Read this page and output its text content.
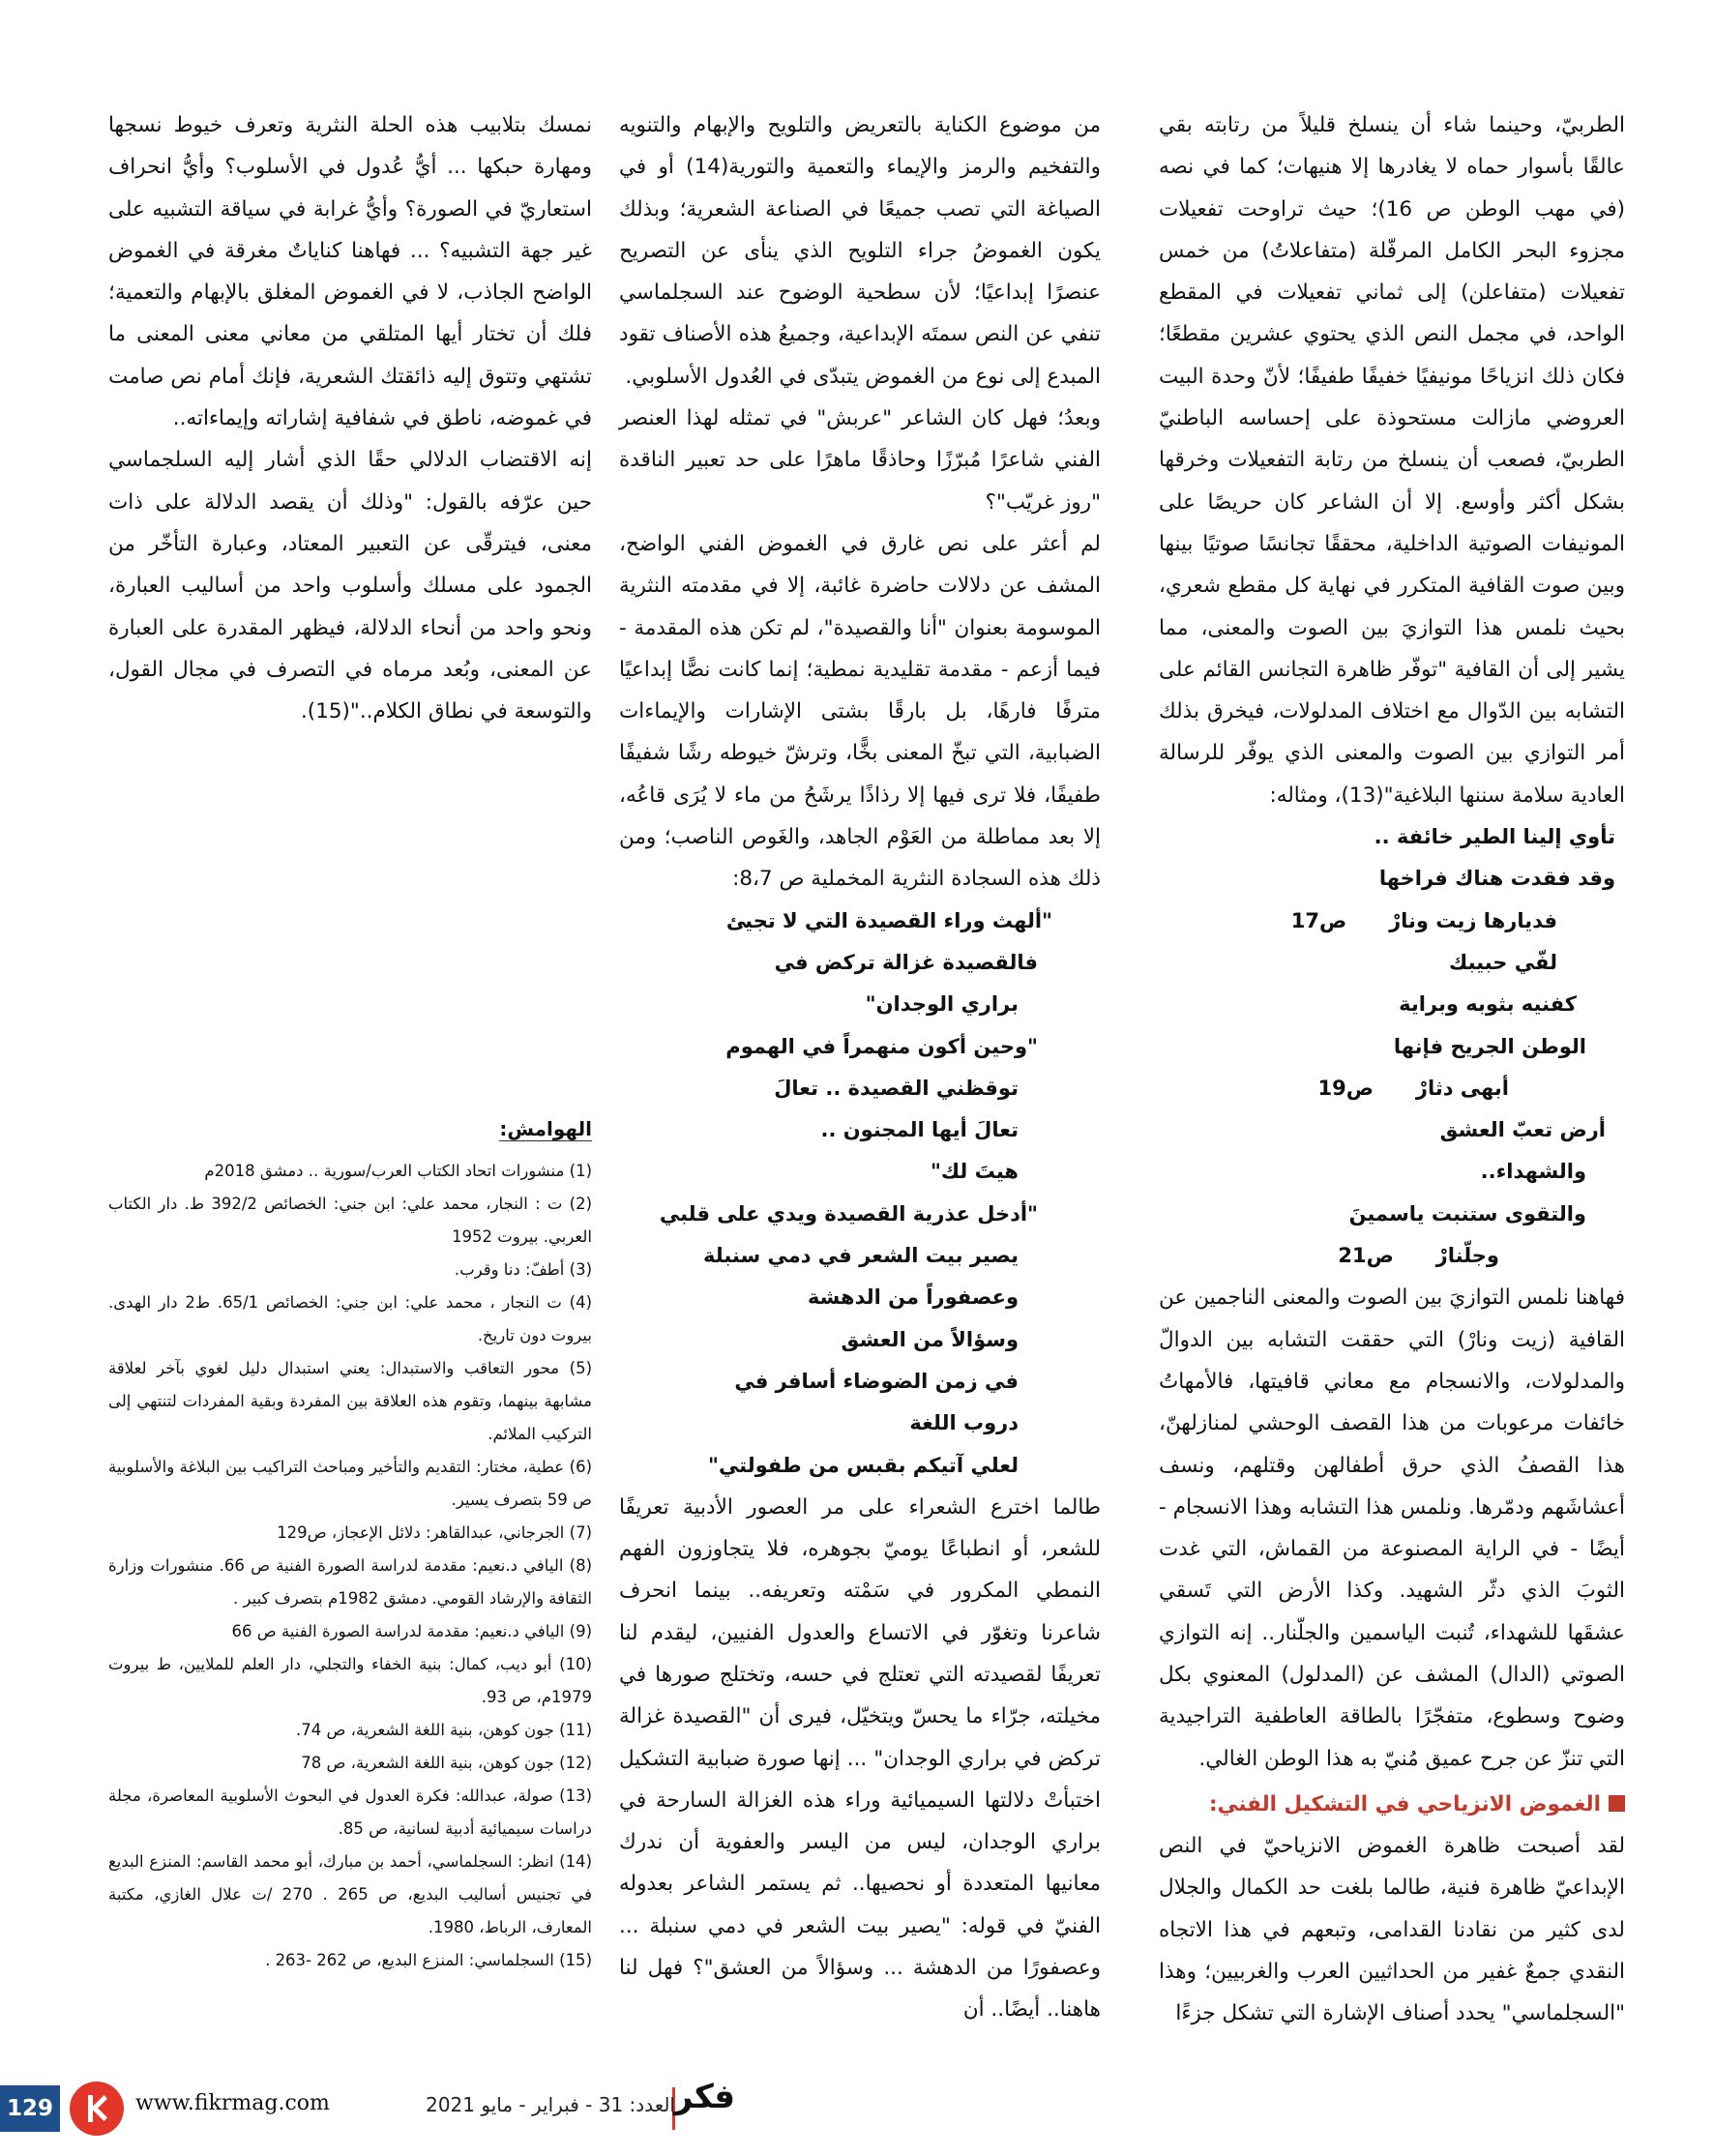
الطربيّ، وحينما شاء أن ينسلخ قليلاً من رتابته بقي عالقًا بأسوار حماه لا يغادرها إلا هنيهات؛ كما في نصه (في مهب الوطن ص 16)؛ حيث تراوحت تفعيلات مجزوء البحر الكامل المرفّلة (متفاعلاتُ) من خمس تفعيلات (متفاعلن) إلى ثماني تفعيلات في المقطع الواحد، في مجمل النص الذي يحتوي عشرين مقطعًا؛ فكان ذلك انزياحًا مونيفيًا خفيفًا طفيفًا؛ لأنّ وحدة البيت العروضي مازالت مستحوذة على إحساسه الباطنيّ الطربيّ، فصعب أن ينسلخ من رتابة التفعيلات وخرقها بشكل أكثر وأوسع. إلا أن الشاعر كان حريصًا على المونيفات الصوتية الداخلية، محققًا تجانسًا صوتيًا بينها وبين صوت القافية المتكرر في نهاية كل مقطع شعري، بحيث نلمس هذا التوازيَ بين الصوت والمعنى، مما يشير إلى أن القافية "توفّر ظاهرة التجانس القائم على التشابه بين الدّوال مع اختلاف المدلولات، فيخرق بذلك أمر التوازي بين الصوت والمعنى الذي يوفّر للرسالة العادية سلامة سننها البلاغية"(13)، ومثاله:

تأوي إلينا الطير خائفة ..
وقد فقدت هناك فراخها
فديارها زيت ونارْ      ص17
لفّي حبيبك
كفنيه بثوبه وبراية
الوطن الجريح فإنها
أبهى دثارْ      ص19
أرض تعبّ العشق
والشهداء..
والتقوى ستنبت ياسمينَ
وجلّنارْ      ص21

فهاهنا نلمس التوازيَ بين الصوت والمعنى الناجمين عن القافية (زيت ونارْ) التي حققت التشابه بين الدوالّ والمدلولات، والانسجام مع معاني قافيتها، فالأمهاتُ خائفات مرعوبات من هذا القصف الوحشي لمنازلهنّ، هذا القصفُ الذي حرق أطفالهن وقتلهم، ونسف أعشاشَهم ودمّرها. ونلمس هذا التشابه وهذا الانسجام - أيضًا - في الراية المصنوعة من القماش، التي غدت الثوبَ الذي دثّر الشهيد. وكذا الأرض التي تَسقي عشقَها للشهداء، تُنبت الياسمين والجلّنار.. إنه التوازي الصوتي (الدال) المشف عن (المدلول) المعنوي بكل وضوح وسطوع، متفجّرًا بالطاقة العاطفية التراجيدية التي تنزّ عن جرح عميق مُنيّ به هذا الوطن الغالي.

الغموض الانزياحي في التشكيل الفني:

لقد أصبحت ظاهرة الغموض الانزياحيّ في النص الإبداعيّ ظاهرة فنية، طالما بلغت حد الكمال والجلال لدى كثير من نقادنا القدامى، وتبعهم في هذا الاتجاه النقدي جمعٌ غفير من الحداثيين العرب والغربيين؛ وهذا "السجلماسي" يحدد أصناف الإشارة التي تشكل جزءًا

من موضوع الكناية بالتعريض والتلويح والإبهام والتنويه والتفخيم والرمز والإيماء والتعمية والتورية(14) أو في الصياغة التي تصب جميعًا في الصناعة الشعرية؛ وبذلك يكون الغموضُ جراء التلويح الذي ينأى عن التصريح عنصرًا إبداعيًا؛ لأن سطحية الوضوح عند السجلماسي تنفي عن النص سمتَه الإبداعية، وجميعُ هذه الأصناف تقود المبدع إلى نوع من الغموض يتبدّى في العُدول الأسلوبي.

وبعدُ؛ فهل كان الشاعر "عربش" في تمثله لهذا العنصر الفني شاعرًا مُبرّزًا وحاذقًا ماهرًا على حد تعبير الناقدة "روز غريّب"؟

لم أعثر على نص غارق في الغموض الفني الواضح، المشف عن دلالات حاضرة غائبة، إلا في مقدمته النثرية الموسومة بعنوان "أنا والقصيدة"، لم تكن هذه المقدمة - فيما أزعم - مقدمة تقليدية نمطية؛ إنما كانت نصًّا إبداعيًا مترفًا فارهًا، بل بارقًا بشتى الإشارات والإيماءات الضبابية، التي تبخّ المعنى بخًّا، وترشّ خيوطه رشًا شفيفًا طفيفًا، فلا ترى فيها إلا رذاذًا يرشَحُ من ماء لا يُرَى قاعُه، إلا بعد مماطلة من العَوْم الجاهد، والغَوص الناصب؛ ومن ذلك هذه السجادة النثرية المخملية ص 8،7:

"ألهث وراء القصيدة التي لا تجيئ
فالقصيدة غزالة تركض في
براري الوجدان"
"وحين أكون منهمراً في الهموم
توقظني القصيدة .. تعالَ
تعالَ أيها المجنون ..
هيتَ لك"
"أدخل عذرية القصيدة ويدي على قلبي
يصير بيت الشعر في دمي سنبلة
وعصفوراً من الدهشة
وسؤالاً من العشق
في زمن الضوضاء أسافر في
دروب اللغة
لعلي آتيكم بقبس من طفولتي"

طالما اخترع الشعراء على مر العصور الأدبية تعريفًا للشعر، أو انطباعًا يوميّ بجوهره، فلا يتجاوزون الفهم النمطي المكرور في سَمْته وتعريفه.. بينما انحرف شاعرنا وتغوّر في الاتساع والعدول الفنيين، ليقدم لنا تعريفًا لقصيدته التي تعتلج في حسه، وتختلج صورها في مخيلته، جرّاء ما يحسّ ويتخيّل، فيرى أن "القصيدة غزالة تركض في براري الوجدان" ... إنها صورة ضبابية التشكيل اختبأتْ دلالتها السيميائية وراء هذه الغزالة السارحة في براري الوجدان، ليس من اليسر والعفوية أن ندرك معانيها المتعددة أو نحصيها.. ثم يستمر الشاعر بعدوله الفنيّ في قوله: "يصير بيت الشعر في دمي سنبلة ... وعصفورًا من الدهشة ... وسؤالاً من العشق"؟ فهل لنا هاهنا.. أيضًا.. أن

نمسك بتلابيب هذه الحلة النثرية وتعرف خيوط نسجها ومهارة حبكها ... أيُّ عُدول في الأسلوب؟ وأيُّ انحراف استعاريّ في الصورة؟ وأيُّ غرابة في سياقة التشبيه على غير جهة التشبيه؟ ... فهاهنا كناياتٌ مغرقة في الغموض الواضح الجاذب، لا في الغموض المغلق بالإبهام والتعمية؛ فلك أن تختار أيها المتلقي من معاني معنى المعنى ما تشتهي وتتوق إليه ذائقتك الشعرية، فإنك أمام نص صامت في غموضه، ناطق في شفافية إشاراته وإيماءاته..

إنه الاقتضاب الدلالي حقًا الذي أشار إليه السلجماسي حين عرّفه بالقول: "وذلك أن يقصد الدلالة على ذات معنى، فيترقّى عن التعبير المعتاد، وعبارة التأخّر من الجمود على مسلك وأسلوب واحد من أساليب العبارة، ونحو واحد من أنحاء الدلالة، فيظهر المقدرة على العبارة عن المعنى، وبُعد مرماه في التصرف في مجال القول، والتوسعة في نطاق الكلام.."(15).

الهوامش:

(1) منشورات اتحاد الكتاب العرب/سورية .. دمشق 2018م

(2) ت : النجار، محمد علي: ابن جني: الخصائص 392/2 ط. دار الكتاب العربي. بيروت 1952

(3) أطفّ: دنا وقرب.

(4) ت النجار ، محمد علي: ابن جني: الخصائص 65/1. ط2 دار الهدى. بيروت دون تاريخ.

(5) محور التعاقب والاستبدال: يعني استبدال دليل لغوي بآخر لعلاقة مشابهة بينهما، وتقوم هذه العلاقة بين المفردة وبقية المفردات لتنتهي إلى التركيب الملائم.

(6) عطية، مختار: التقديم والتأخير ومباحث التراكيب بين البلاغة والأسلوبية ص 59 بتصرف يسير.

(7) الجرجاني، عبدالقاهر: دلائل الإعجاز، ص129

(8) اليافي د.نعيم: مقدمة لدراسة الصورة الفنية ص 66. منشورات وزارة الثقافة والإرشاد القومي. دمشق 1982م بتصرف كبير .

(9) اليافي د.نعيم: مقدمة لدراسة الصورة الفنية ص 66

(10) أبو ديب، كمال: بنية الخفاء والتجلي، دار العلم للملايين، ط بيروت 1979م، ص 93.

(11) جون كوهن، بنية اللغة الشعرية، ص 74.

(12) جون كوهن، بنية اللغة الشعرية، ص 78

(13) صولة، عبدالله: فكرة العدول في البحوث الأسلوبية المعاصرة، مجلة دراسات سيميائية أدبية لسانية، ص 85.

(14) انظر: السجلماسي، أحمد بن مبارك، أبو محمد القاسم: المنزع البديع في تجنيس أساليب البديع، ص 265 . 270 /ت علال الغازي، مكتبة المعارف، الرباط، 1980.

(15) السجلماسي: المنزع البديع، ص 262 -263 .

129	www.fikrmag.com	العدد: 31 - فبراير - مايو 2021
فكر
